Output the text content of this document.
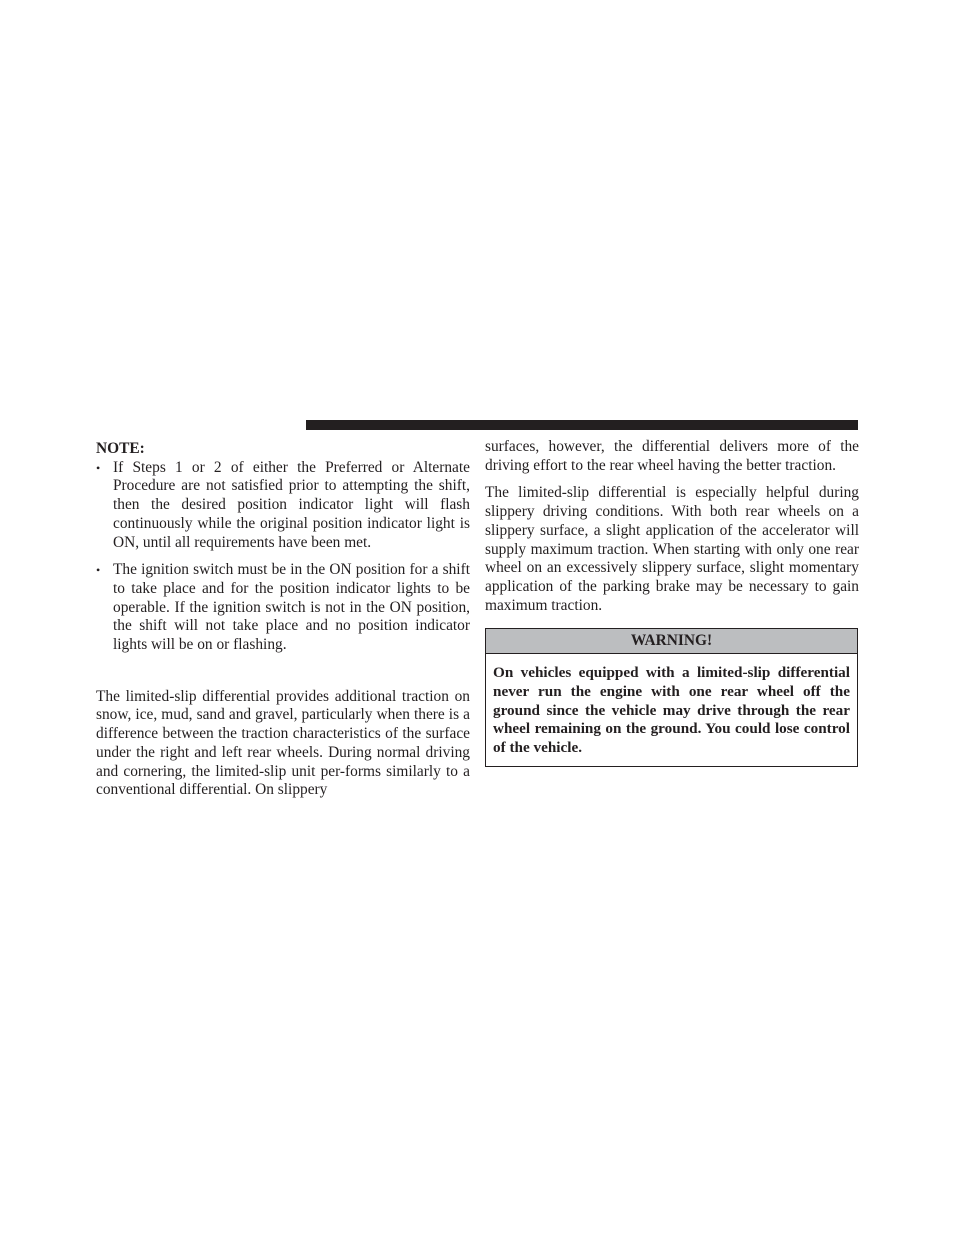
NOTE:

• If Steps 1 or 2 of either the Preferred or Alternate Procedure are not satisfied prior to attempting the shift, then the desired position indicator light will flash continuously while the original position indicator light is ON, until all requirements have been met.
• The ignition switch must be in the ON position for a shift to take place and for the position indicator lights to be operable. If the ignition switch is not in the ON position, the shift will not take place and no position indicator lights will be on or flashing.

The limited-slip differential provides additional traction on snow, ice, mud, sand and gravel, particularly when there is a difference between the traction characteristics of the surface under the right and left rear wheels. During normal driving and cornering, the limited-slip unit per-forms similarly to a conventional differential. On slippery

surfaces, however, the differential delivers more of the driving effort to the rear wheel having the better traction.

The limited-slip differential is especially helpful during slippery driving conditions. With both rear wheels on a slippery surface, a slight application of the accelerator will supply maximum traction. When starting with only one rear wheel on an excessively slippery surface, slight momentary application of the parking brake may be necessary to gain maximum traction.

WARNING!
On vehicles equipped with a limited-slip differential never run the engine with one rear wheel off the ground since the vehicle may drive through the rear wheel remaining on the ground. You could lose control of the vehicle.
